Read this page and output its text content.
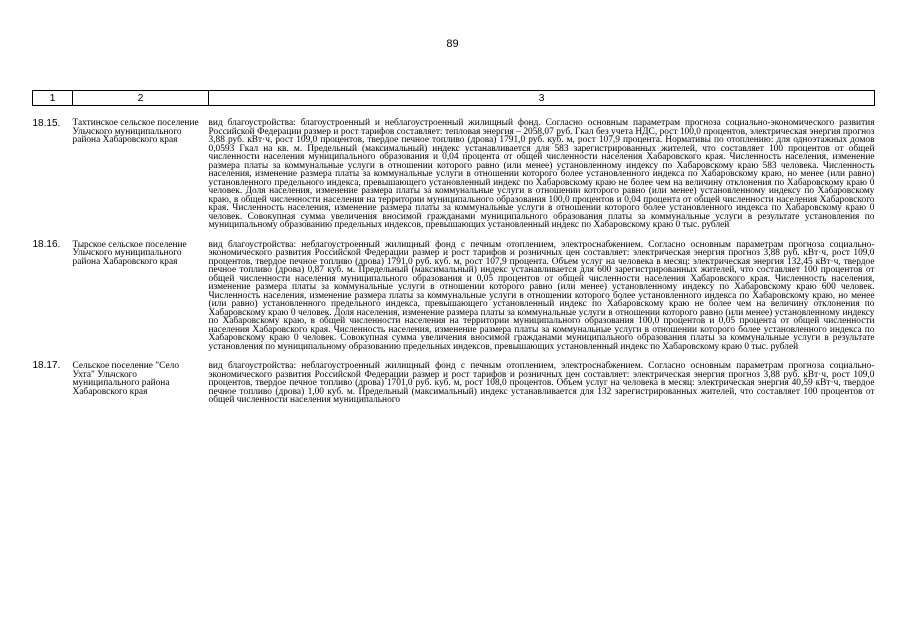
89
1	2	3
18.15.	Тахтинское сельское поселение Ульчского муниципального района Хабаровского края	вид благоустройства: благоустроенный и неблагоустроенный жилищный фонд. Согласно основным параметрам прогноза социально-экономического развития Российской Федерации размер и рост тарифов составляет: тепловая энергия – 2058,07 руб. Гкал без учета НДС, рост 100,0 процентов, электрическая энергия прогноз 3,88 руб. кВт·ч, рост 109,0 процентов, твердое печное топливо (дрова) 1791,0 руб. куб. м, рост 107,9 процента. Нормативы по отоплению: для одноэтажных домов 0,0593 Гкал на кв. м. Предельный (максимальный) индекс устанавливается для 583 зарегистрированных жителей, что составляет 100 процентов от общей численности населения муниципального образования и 0,04 процента от общей численности населения Хабаровского края. Численность населения, изменение размера платы за коммунальные услуги в отношении которого равно (или менее) установленному индексу по Хабаровскому краю 583 человека. Численность населения, изменение размера платы за коммунальные услуги в отношении которого более установленного индекса по Хабаровскому краю, но менее (или равно) установленного предельного индекса, превышающего установленный индекс по Хабаровскому краю не более чем на величину отклонения по Хабаровскому краю 0 человек. Доля населения, изменение размера платы за коммунальные услуги в отношении которого равно (или менее) установленному индексу по Хабаровскому краю, в общей численности населения на территории муниципального образования 100,0 процентов и 0,04 процента от общей численности населения Хабаровского края. Численность населения, изменение размера платы за коммунальные услуги в отношении которого более установленного индекса по Хабаровскому краю 0 человек. Совокупная сумма увеличения вносимой гражданами муниципального образования платы за коммунальные услуги в результате установления по муниципальному образованию предельных индексов, превышающих установленный индекс по Хабаровскому краю 0 тыс. рублей
18.16.	Тырское сельское поселение Ульчского муниципального района Хабаровского края	вид благоустройства: неблагоустроенный жилищный фонд с печным отоплением, электроснабжением. Согласно основным параметрам прогноза социально-экономического развития Российской Федерации размер и рост тарифов и розничных цен составляет: электрическая энергия прогноз 3,88 руб. кВт·ч, рост 109,0 процентов, твердое печное топливо (дрова) 1791,0 руб. куб. м, рост 107,9 процента. Объем услуг на человека в месяц: электрическая энергия 132,45 кВт·ч, твердое печное топливо (дрова) 0,87 куб. м. Предельный (максимальный) индекс устанавливается для 600 зарегистрированных жителей, что составляет 100 процентов от общей численности населения муниципального образования и 0,05 процентов от общей численности населения Хабаровского края. Численность населения, изменение размера платы за коммунальные услуги в отношении которого равно (или менее) установленному индексу по Хабаровскому краю 600 человек. Численность населения, изменение размера платы за коммунальные услуги в отношении которого более установленного индекса по Хабаровскому краю, но менее (или равно) установленного предельного индекса, превышающего установленный индекс по Хабаровскому краю не более чем на величину отклонения по Хабаровскому краю 0 человек. Доля населения, изменение размера платы за коммунальные услуги в отношении которого равно (или менее) установленному индексу по Хабаровскому краю, в общей численности населения на территории муниципального образования 100,0 процентов и 0,05 процента от общей численности населения Хабаровского края. Численность населения, изменение размера платы за коммунальные услуги в отношении которого более установленного индекса по Хабаровскому краю 0 человек. Совокупная сумма увеличения вносимой гражданами муниципального образования платы за коммунальные услуги в результате установления по муниципальному образованию предельных индексов, превышающих установленный индекс по Хабаровскому краю 0 тыс. рублей
18.17.	Сельское поселение "Село Ухта" Ульчского муниципального района Хабаровского края	вид благоустройства: неблагоустроенный жилищный фонд с печным отоплением, электроснабжением. Согласно основным параметрам прогноза социально-экономического развития Российской Федерации размер и рост тарифов и розничных цен составляет: электрическая энергия прогноз 3,88 руб. кВт·ч, рост 109,0 процентов, твердое печное топливо (дрова) 1701,0 руб. куб. м, рост 108,0 процентов. Объем услуг на человека в месяц: электрическая энергия 40,59 кВт·ч, твердое печное топливо (дрова) 1,00 куб. м. Предельный (максимальный) индекс устанавливается для 132 зарегистрированных жителей, что составляет 100 процентов от общей численности населения муниципального
